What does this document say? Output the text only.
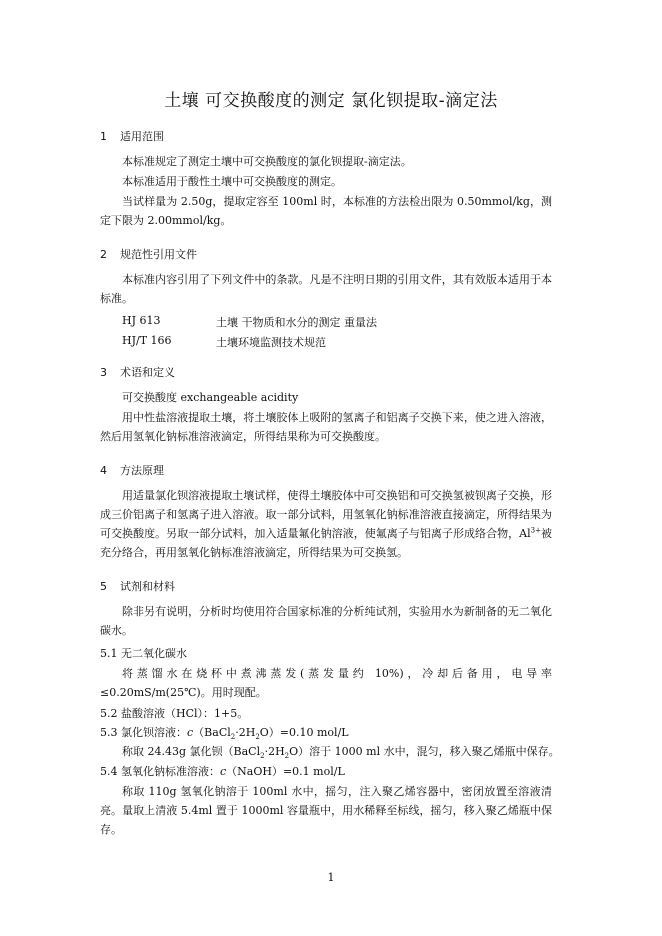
土壤 可交换酸度的测定 氯化钡提取-滴定法
1 适用范围

本标准规定了测定土壤中可交换酸度的氯化钡提取-滴定法。

本标准适用于酸性土壤中可交换酸度的测定。

当试样量为 2.50g，提取定容至 100ml 时，本标准的方法检出限为 0.50mmol/kg，测定下限为 2.00mmol/kg。

2 规范性引用文件

本标准内容引用了下列文件中的条款。凡是不注明日期的引用文件，其有效版本适用于本标准。

HJ 613	土壤 干物质和水分的测定 重量法
HJ/T 166	土壤环境监测技术规范
3 术语和定义

可交换酸度 exchangeable acidity

用中性盐溶液提取土壤，将土壤胶体上吸附的氢离子和铝离子交换下来，使之进入溶液，然后用氢氧化钠标准溶液滴定，所得结果称为可交换酸度。

4 方法原理

用适量氯化钡溶液提取土壤试样，使得土壤胶体中可交换铝和可交换氢被钡离子交换，形成三价铝离子和氢离子进入溶液。取一部分试料，用氢氧化钠标准溶液直接滴定，所得结果为可交换酸度。另取一部分试料，加入适量氟化钠溶液，使氟离子与铝离子形成络合物，$Al^{3+}$被充分络合，再用氢氧化钠标准溶液滴定，所得结果为可交换氢。

5 试剂和材料

除非另有说明，分析时均使用符合国家标准的分析纯试剂，实验用水为新制备的无二氧化碳水。

5.1 无二氧化碳水

将蒸馏水在烧杯中煮沸蒸发(蒸发量约 10%)，冷却后备用，电导率≤0.20mS/m(25℃)。用时现配。

5.2 盐酸溶液（HCl）：1+5。
5.3 氯化钡溶液：$c(BaCl_2\cdot 2H_2O)=0.10$ mol/L
称取 24.43g 氯化钡$(BaCl_2\cdot 2H_2O)$溶于 1000 ml 水中，混匀，移入聚乙烯瓶中保存。
5.4 氢氧化钠标准溶液：c（NaOH）=0.1 mol/L

称取 110g 氢氧化钠溶于 100ml 水中，摇匀，注入聚乙烯容器中，密闭放置至溶液清亮。量取上清液 5.4ml 置于 1000ml 容量瓶中，用水稀释至标线，摇匀，移入聚乙烯瓶中保存。

1
